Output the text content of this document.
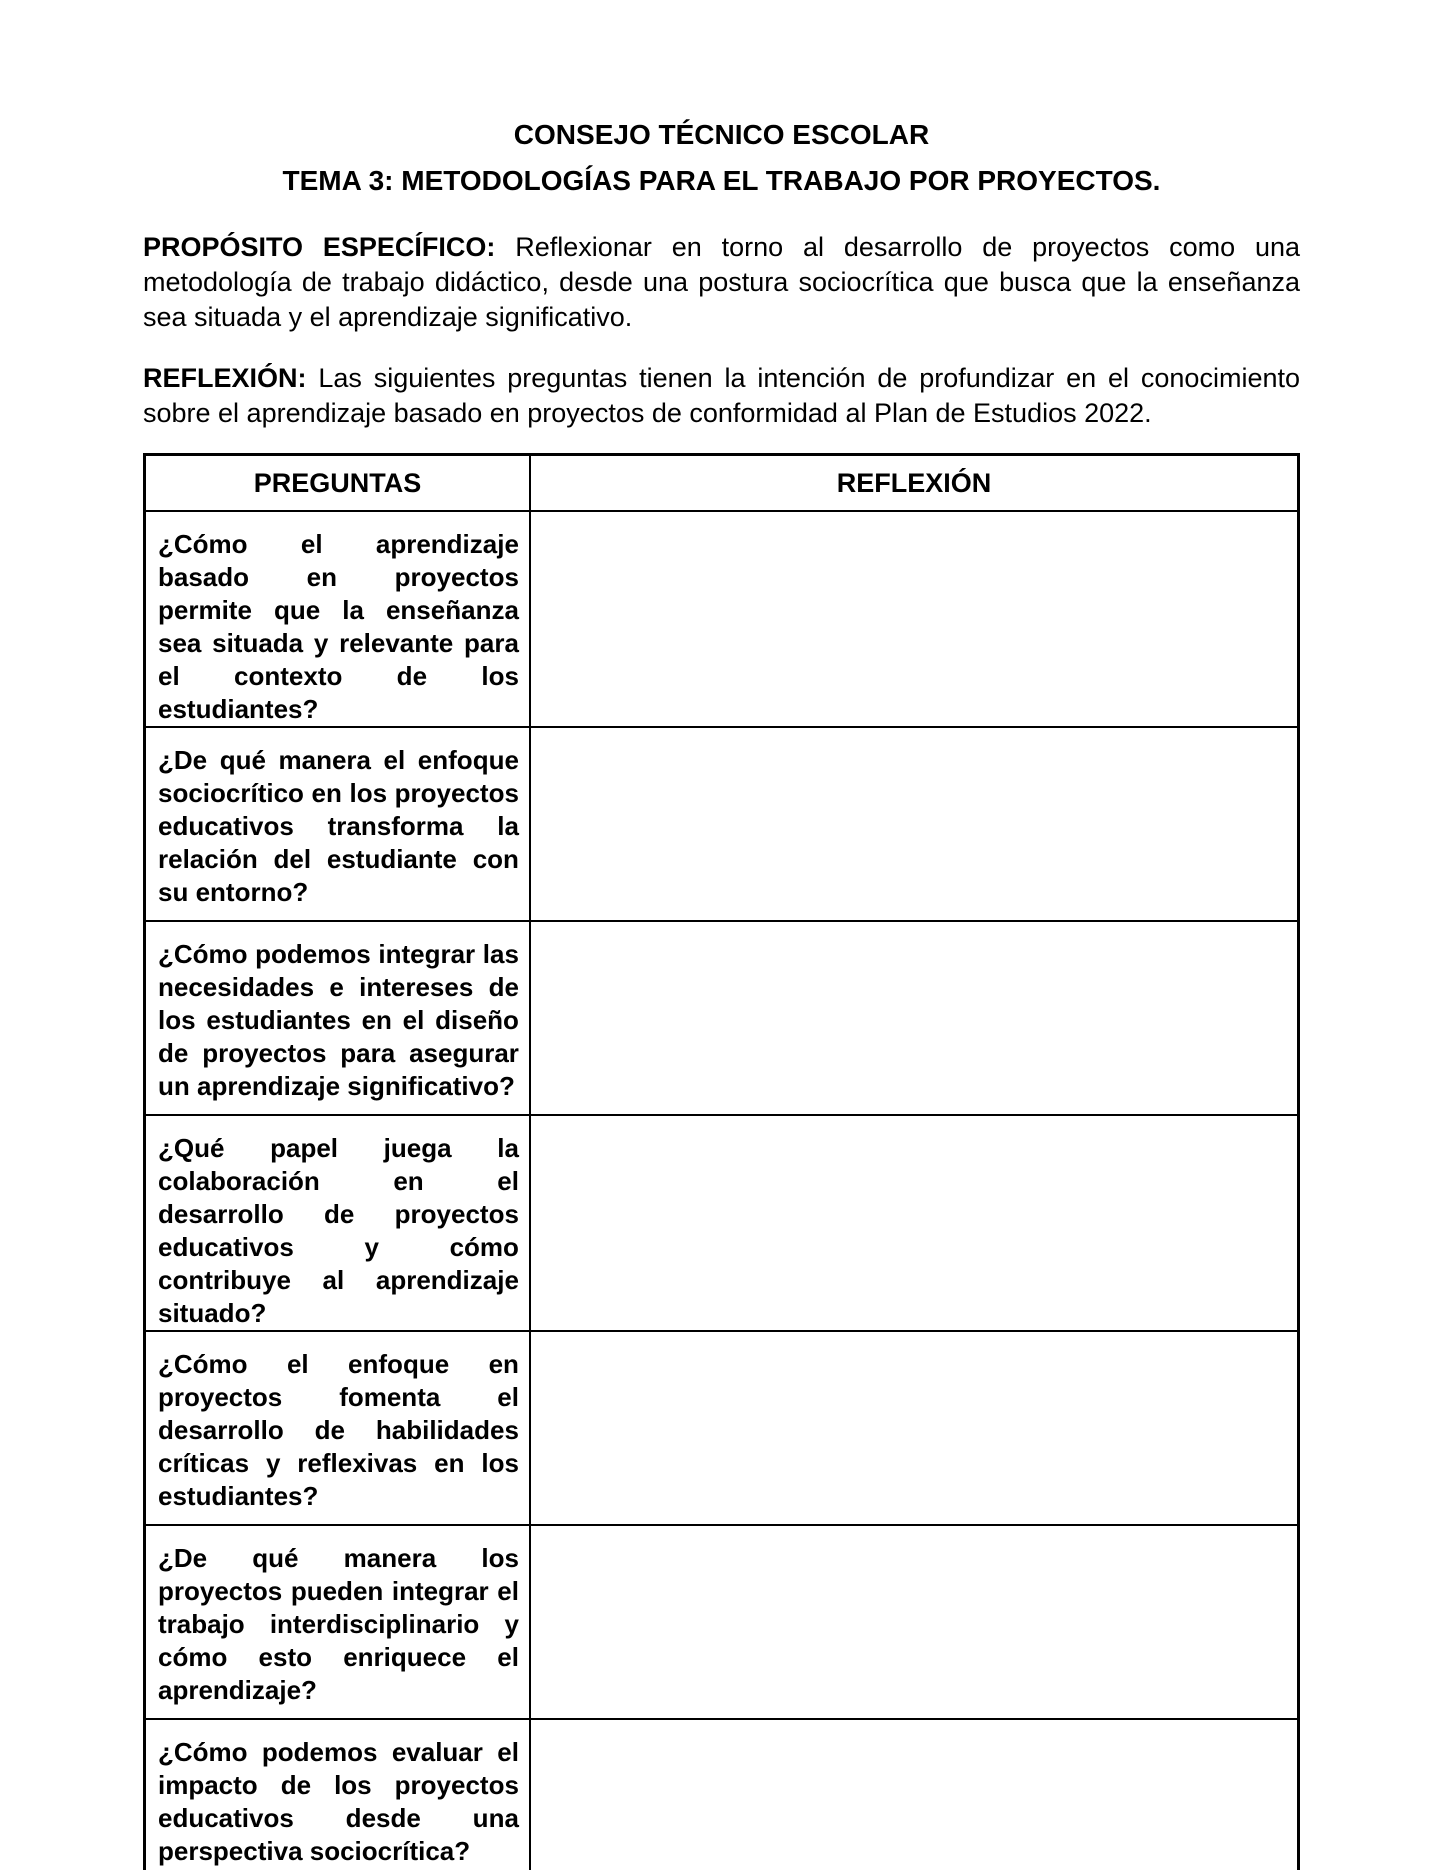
CONSEJO TÉCNICO ESCOLAR
TEMA 3: METODOLOGÍAS PARA EL TRABAJO POR PROYECTOS.

PROPÓSITO ESPECÍFICO: Reflexionar en torno al desarrollo de proyectos como una metodología de trabajo didáctico, desde una postura sociocrítica que busca que la enseñanza sea situada y el aprendizaje significativo.

REFLEXIÓN: Las siguientes preguntas tienen la intención de profundizar en el conocimiento sobre el aprendizaje basado en proyectos de conformidad al Plan de Estudios 2022.

PREGUNTAS	REFLEXIÓN
¿Cómo el aprendizaje basado en proyectos permite que la enseñanza sea situada y relevante para el contexto de los estudiantes?	
¿De qué manera el enfoque sociocrítico en los proyectos educativos transforma la relación del estudiante con su entorno?	
¿Cómo podemos integrar las necesidades e intereses de los estudiantes en el diseño de proyectos para asegurar un aprendizaje significativo?	
¿Qué papel juega la colaboración en el desarrollo de proyectos educativos y cómo contribuye al aprendizaje situado?	
¿Cómo el enfoque en proyectos fomenta el desarrollo de habilidades críticas y reflexivas en los estudiantes?	
¿De qué manera los proyectos pueden integrar el trabajo interdisciplinario y cómo esto enriquece el aprendizaje?	
¿Cómo podemos evaluar el impacto de los proyectos educativos desde una perspectiva sociocrítica?	
